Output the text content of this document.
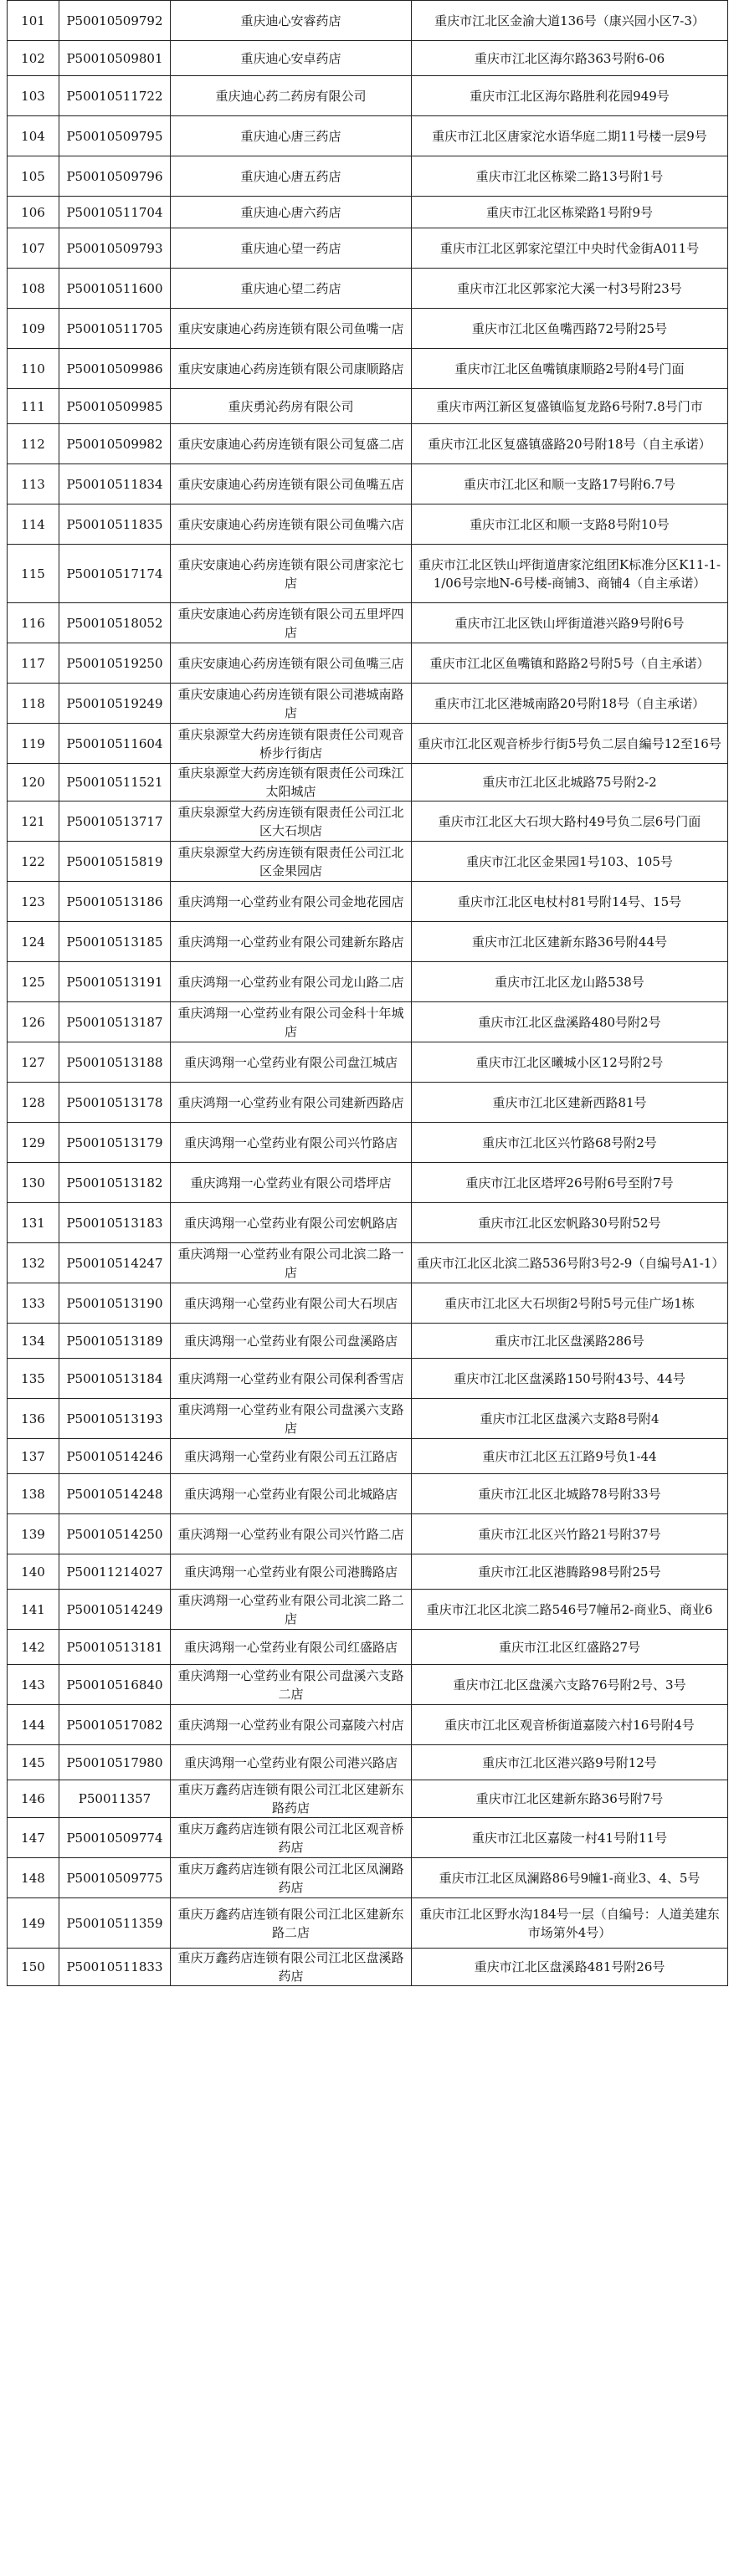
101	P50010509792	重庆迪心安睿药店	重庆市江北区金渝大道136号（康兴园小区7-3）
102	P50010509801	重庆迪心安卓药店	重庆市江北区海尔路363号附6-06
103	P50010511722	重庆迪心药二药房有限公司	重庆市江北区海尔路胜利花园949号
104	P50010509795	重庆迪心唐三药店	重庆市江北区唐家沱水语华庭二期11号楼一层9号
105	P50010509796	重庆迪心唐五药店	重庆市江北区栋梁二路13号附1号
106	P50010511704	重庆迪心唐六药店	重庆市江北区栋梁路1号附9号
107	P50010509793	重庆迪心望一药店	重庆市江北区郭家沱望江中央时代金街A011号
108	P50010511600	重庆迪心望二药店	重庆市江北区郭家沱大溪一村3号附23号
109	P50010511705	重庆安康迪心药房连锁有限公司鱼嘴一店	重庆市江北区鱼嘴西路72号附25号
110	P50010509986	重庆安康迪心药房连锁有限公司康顺路店	重庆市江北区鱼嘴镇康顺路2号附4号门面
111	P50010509985	重庆勇沁药房有限公司	重庆市两江新区复盛镇临复龙路6号附7.8号门市
112	P50010509982	重庆安康迪心药房连锁有限公司复盛二店	重庆市江北区复盛镇盛路20号附18号（自主承诺）
113	P50010511834	重庆安康迪心药房连锁有限公司鱼嘴五店	重庆市江北区和顺一支路17号附6.7号
114	P50010511835	重庆安康迪心药房连锁有限公司鱼嘴六店	重庆市江北区和顺一支路8号附10号
115	P50010517174	重庆安康迪心药房连锁有限公司唐家沱七店	重庆市江北区铁山坪街道唐家沱组团K标准分区K11-1-1/06号宗地N-6号楼-商铺3、商铺4（自主承诺）
116	P50010518052	重庆安康迪心药房连锁有限公司五里坪四店	重庆市江北区铁山坪街道港兴路9号附6号
117	P50010519250	重庆安康迪心药房连锁有限公司鱼嘴三店	重庆市江北区鱼嘴镇和路路2号附5号（自主承诺）
118	P50010519249	重庆安康迪心药房连锁有限公司港城南路店	重庆市江北区港城南路20号附18号（自主承诺）
119	P50010511604	重庆泉源堂大药房连锁有限责任公司观音桥步行街店	重庆市江北区观音桥步行街5号负二层自編号12至16号
120	P50010511521	重庆泉源堂大药房连锁有限责任公司珠江太阳城店	重庆市江北区北城路75号附2-2
121	P50010513717	重庆泉源堂大药房连锁有限责任公司江北区大石坝店	重庆市江北区大石坝大路村49号负二层6号门面
122	P50010515819	重庆泉源堂大药房连锁有限责任公司江北区金果园店	重庆市江北区金果园1号103、105号
123	P50010513186	重庆鸿翔一心堂药业有限公司金地花园店	重庆市江北区电杖村81号附14号、15号
124	P50010513185	重庆鸿翔一心堂药业有限公司建新东路店	重庆市江北区建新东路36号附44号
125	P50010513191	重庆鸿翔一心堂药业有限公司龙山路二店	重庆市江北区龙山路538号
126	P50010513187	重庆鸿翔一心堂药业有限公司金科十年城店	重庆市江北区盘溪路480号附2号
127	P50010513188	重庆鸿翔一心堂药业有限公司盘江城店	重庆市江北区曦城小区12号附2号
128	P50010513178	重庆鸿翔一心堂药业有限公司建新西路店	重庆市江北区建新西路81号
129	P50010513179	重庆鸿翔一心堂药业有限公司兴竹路店	重庆市江北区兴竹路68号附2号
130	P50010513182	重庆鸿翔一心堂药业有限公司塔坪店	重庆市江北区塔坪26号附6号至附7号
131	P50010513183	重庆鸿翔一心堂药业有限公司宏帆路店	重庆市江北区宏帆路30号附52号
132	P50010514247	重庆鸿翔一心堂药业有限公司北滨二路一店	重庆市江北区北滨二路536号附3号2-9（自编号A1-1）
133	P50010513190	重庆鸿翔一心堂药业有限公司大石坝店	重庆市江北区大石坝街2号附5号元佳广场1栋
134	P50010513189	重庆鸿翔一心堂药业有限公司盘溪路店	重庆市江北区盘溪路286号
135	P50010513184	重庆鸿翔一心堂药业有限公司保利香雪店	重庆市江北区盘溪路150号附43号、44号
136	P50010513193	重庆鸿翔一心堂药业有限公司盘溪六支路店	重庆市江北区盘溪六支路8号附4
137	P50010514246	重庆鸿翔一心堂药业有限公司五江路店	重庆市江北区五江路9号负1-44
138	P50010514248	重庆鸿翔一心堂药业有限公司北城路店	重庆市江北区北城路78号附33号
139	P50010514250	重庆鸿翔一心堂药业有限公司兴竹路二店	重庆市江北区兴竹路21号附37号
140	P50011214027	重庆鸿翔一心堂药业有限公司港腾路店	重庆市江北区港腾路98号附25号
141	P50010514249	重庆鸿翔一心堂药业有限公司北滨二路二店	重庆市江北区北滨二路546号7幢吊2-商业5、商业6
142	P50010513181	重庆鸿翔一心堂药业有限公司红盛路店	重庆市江北区红盛路27号
143	P50010516840	重庆鸿翔一心堂药业有限公司盘溪六支路二店	重庆市江北区盘溪六支路76号附2号、3号
144	P50010517082	重庆鸿翔一心堂药业有限公司嘉陵六村店	重庆市江北区观音桥街道嘉陵六村16号附4号
145	P50010517980	重庆鸿翔一心堂药业有限公司港兴路店	重庆市江北区港兴路9号附12号
146	P50011357	重庆万鑫药店连锁有限公司江北区建新东路药店	重庆市江北区建新东路36号附7号
147	P50010509774	重庆万鑫药店连锁有限公司江北区观音桥药店	重庆市江北区嘉陵一村41号附11号
148	P50010509775	重庆万鑫药店连锁有限公司江北区凤澜路药店	重庆市江北区凤澜路86号9幢1-商业3、4、5号
149	P50010511359	重庆万鑫药店连锁有限公司江北区建新东路二店	重庆市江北区野水沟184号一层（自编号：人道美建东市场第外4号）
150	P50010511833	重庆万鑫药店连锁有限公司江北区盘溪路药店	重庆市江北区盘溪路481号附26号
